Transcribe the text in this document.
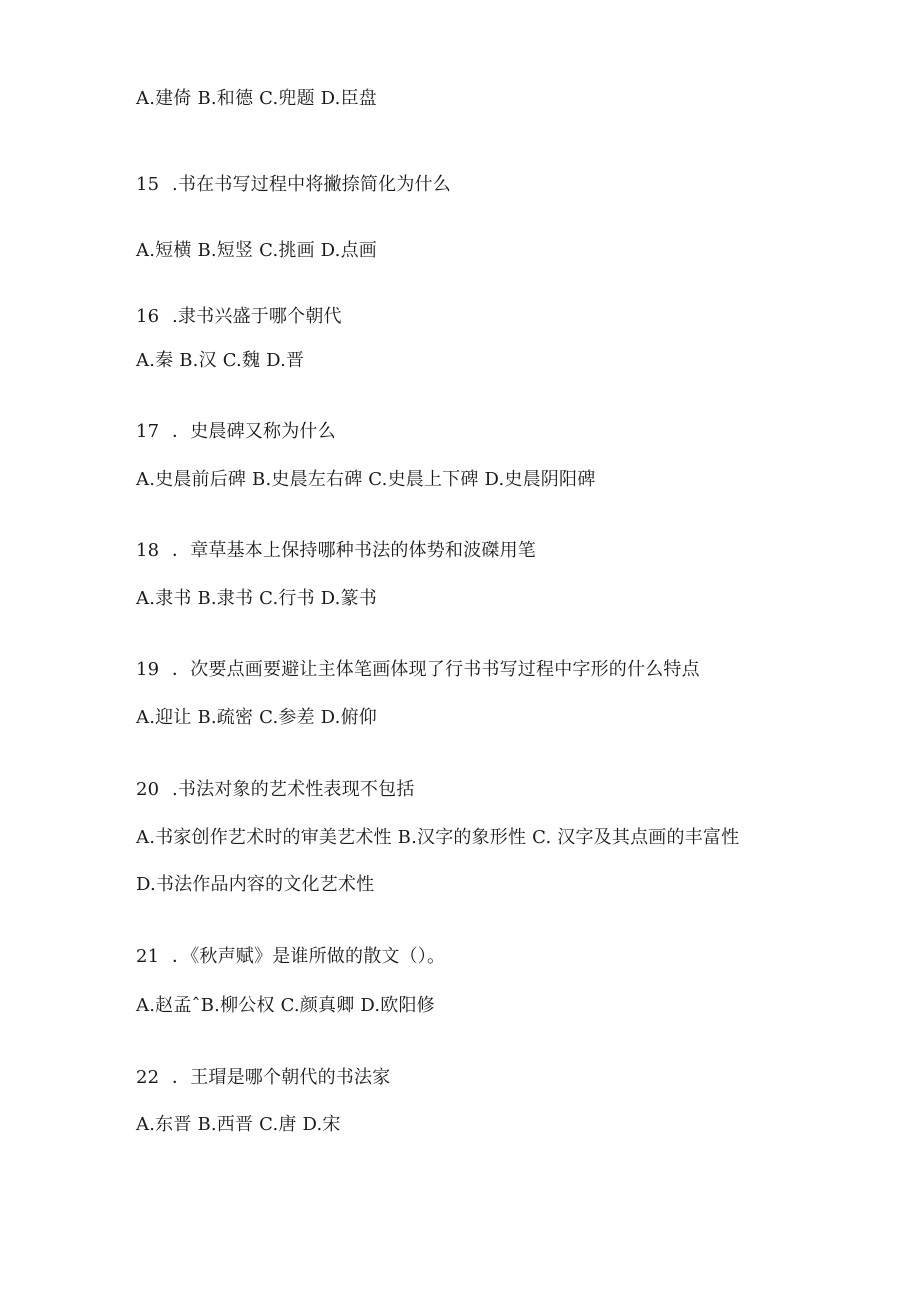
A.建倚 B.和德 C.兜题 D.臣盘
15 .书在书写过程中将撇捺简化为什么
A.短横 B.短竖 C.挑画 D.点画
16 .隶书兴盛于哪个朝代
A.秦 B.汉 C.魏 D.晋
17 ．史晨碑又称为什么
A.史晨前后碑 B.史晨左右碑 C.史晨上下碑 D.史晨阴阳碑
18 ．章草基本上保持哪种书法的体势和波磔用笔
A.隶书 B.隶书 C.行书 D.篆书
19 ．次要点画要避让主体笔画体现了行书书写过程中字形的什么特点
A.迎让 B.疏密 C.参差 D.俯仰
20 .书法对象的艺术性表现不包括
A.书家创作艺术时的审美艺术性 B.汉字的象形性 C. 汉字及其点画的丰富性
D.书法作品内容的文化艺术性
21 ．《秋声赋》是谁所做的散文（）。
A.赵孟ˆB.柳公权 C.颜真卿 D.欧阳修
22 ．王瑁是哪个朝代的书法家
A.东晋 B.西晋 C.唐 D.宋
